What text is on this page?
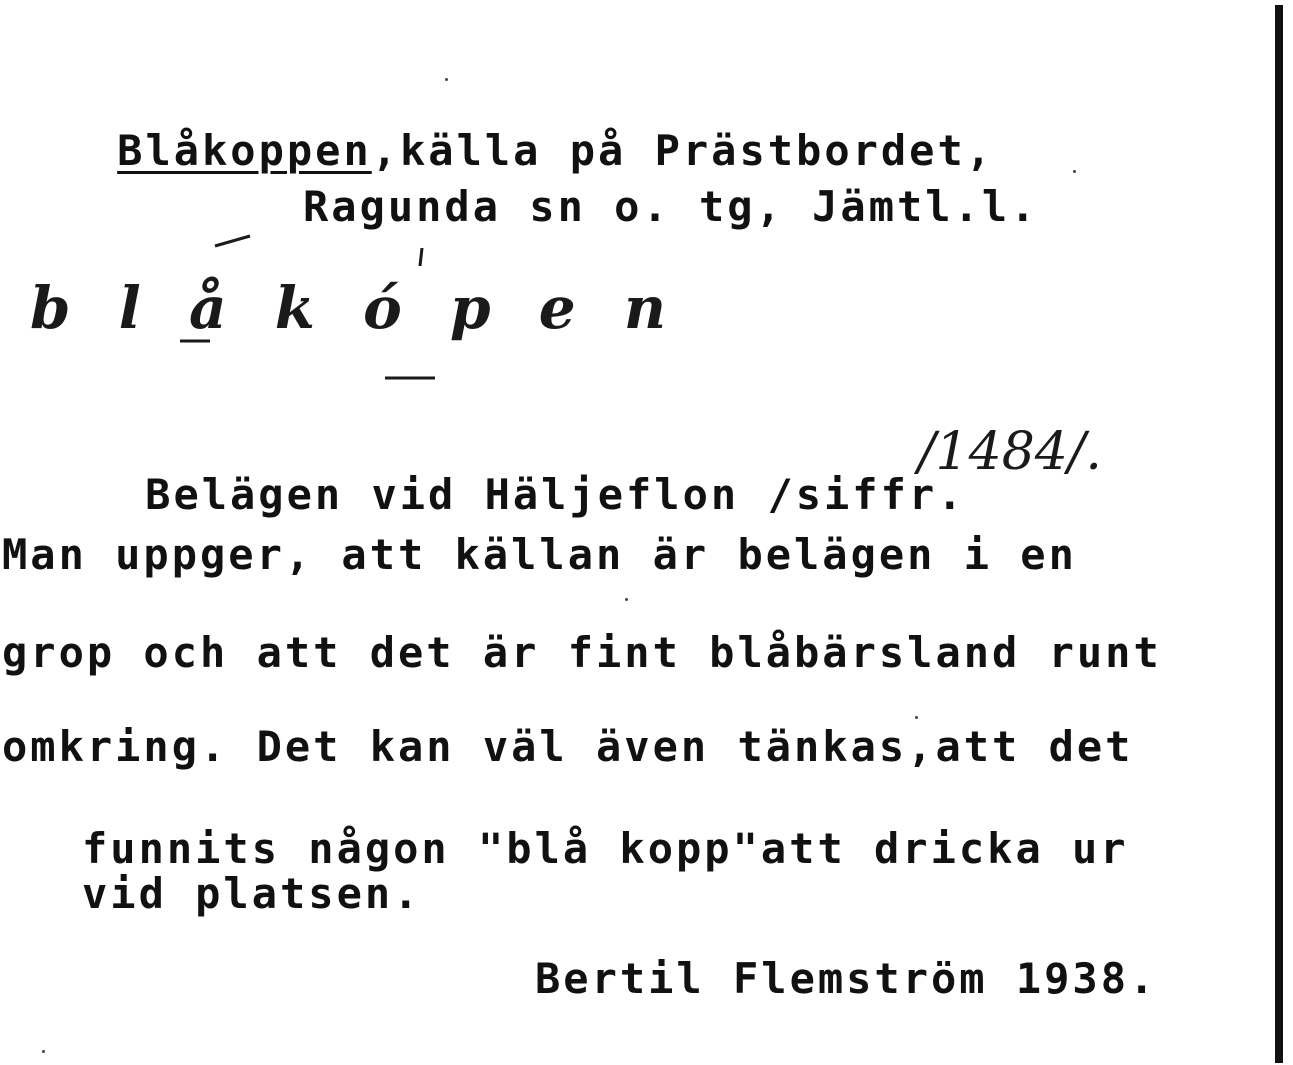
Blåkoppen,källa på Prästbordet,

Ragunda sn o. tg, Jämtl.l.
b l å k ó p e n

Belägen vid Häljeflon /siffr.

/1484/.
Man uppger, att källan är belägen i en
grop och att det är fint blåbärsland runt
omkring. Det kan väl även tänkas,att det
funnits någon "blå kopp"att dricka ur
vid platsen.
Bertil Flemström 1938.
